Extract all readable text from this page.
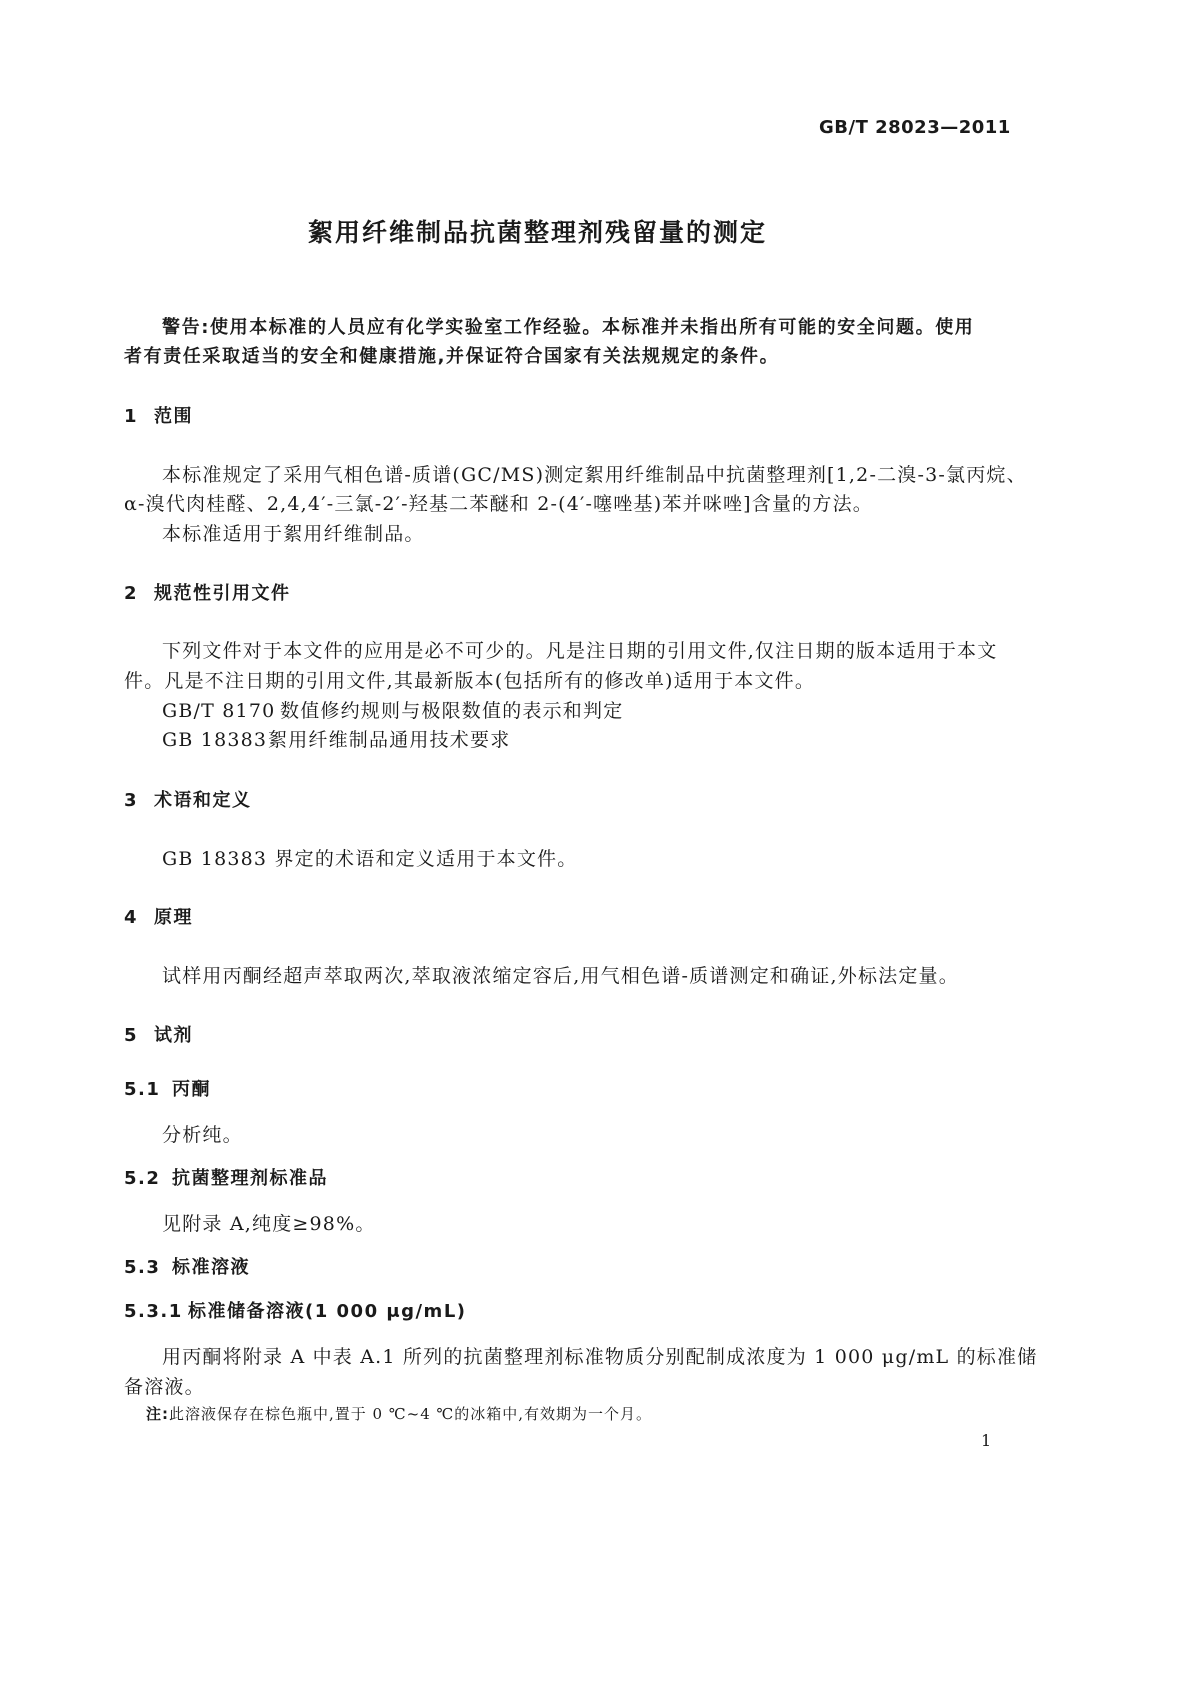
GB/T 28023—2011
絮用纤维制品抗菌整理剂残留量的测定
警告:使用本标准的人员应有化学实验室工作经验。本标准并未指出所有可能的安全问题。使用
者有责任采取适当的安全和健康措施,并保证符合国家有关法规规定的条件。
1 范围
本标准规定了采用气相色谱-质谱(GC/MS)测定絮用纤维制品中抗菌整理剂[1,2-二溴-3-氯丙烷、
α-溴代肉桂醛、2,4,4′-三氯-2′-羟基二苯醚和 2-(4′-噻唑基)苯并咪唑]含量的方法。
本标准适用于絮用纤维制品。
2 规范性引用文件
下列文件对于本文件的应用是必不可少的。凡是注日期的引用文件,仅注日期的版本适用于本文
件。凡是不注日期的引用文件,其最新版本(包括所有的修改单)适用于本文件。
GB/T 8170 数值修约规则与极限数值的表示和判定
GB 18383絮用纤维制品通用技术要求
3 术语和定义
GB 18383 界定的术语和定义适用于本文件。
4 原理
试样用丙酮经超声萃取两次,萃取液浓缩定容后,用气相色谱-质谱测定和确证,外标法定量。
5 试剂
5.1 丙酮
分析纯。
5.2 抗菌整理剂标准品
见附录 A,纯度≥98%。
5.3 标准溶液
5.3.1 标准储备溶液(1 000 μg/mL)
用丙酮将附录 A 中表 A.1 所列的抗菌整理剂标准物质分别配制成浓度为 1 000 μg/mL 的标准储
备溶液。
注:此溶液保存在棕色瓶中,置于 0 ℃~4 ℃的冰箱中,有效期为一个月。
1
